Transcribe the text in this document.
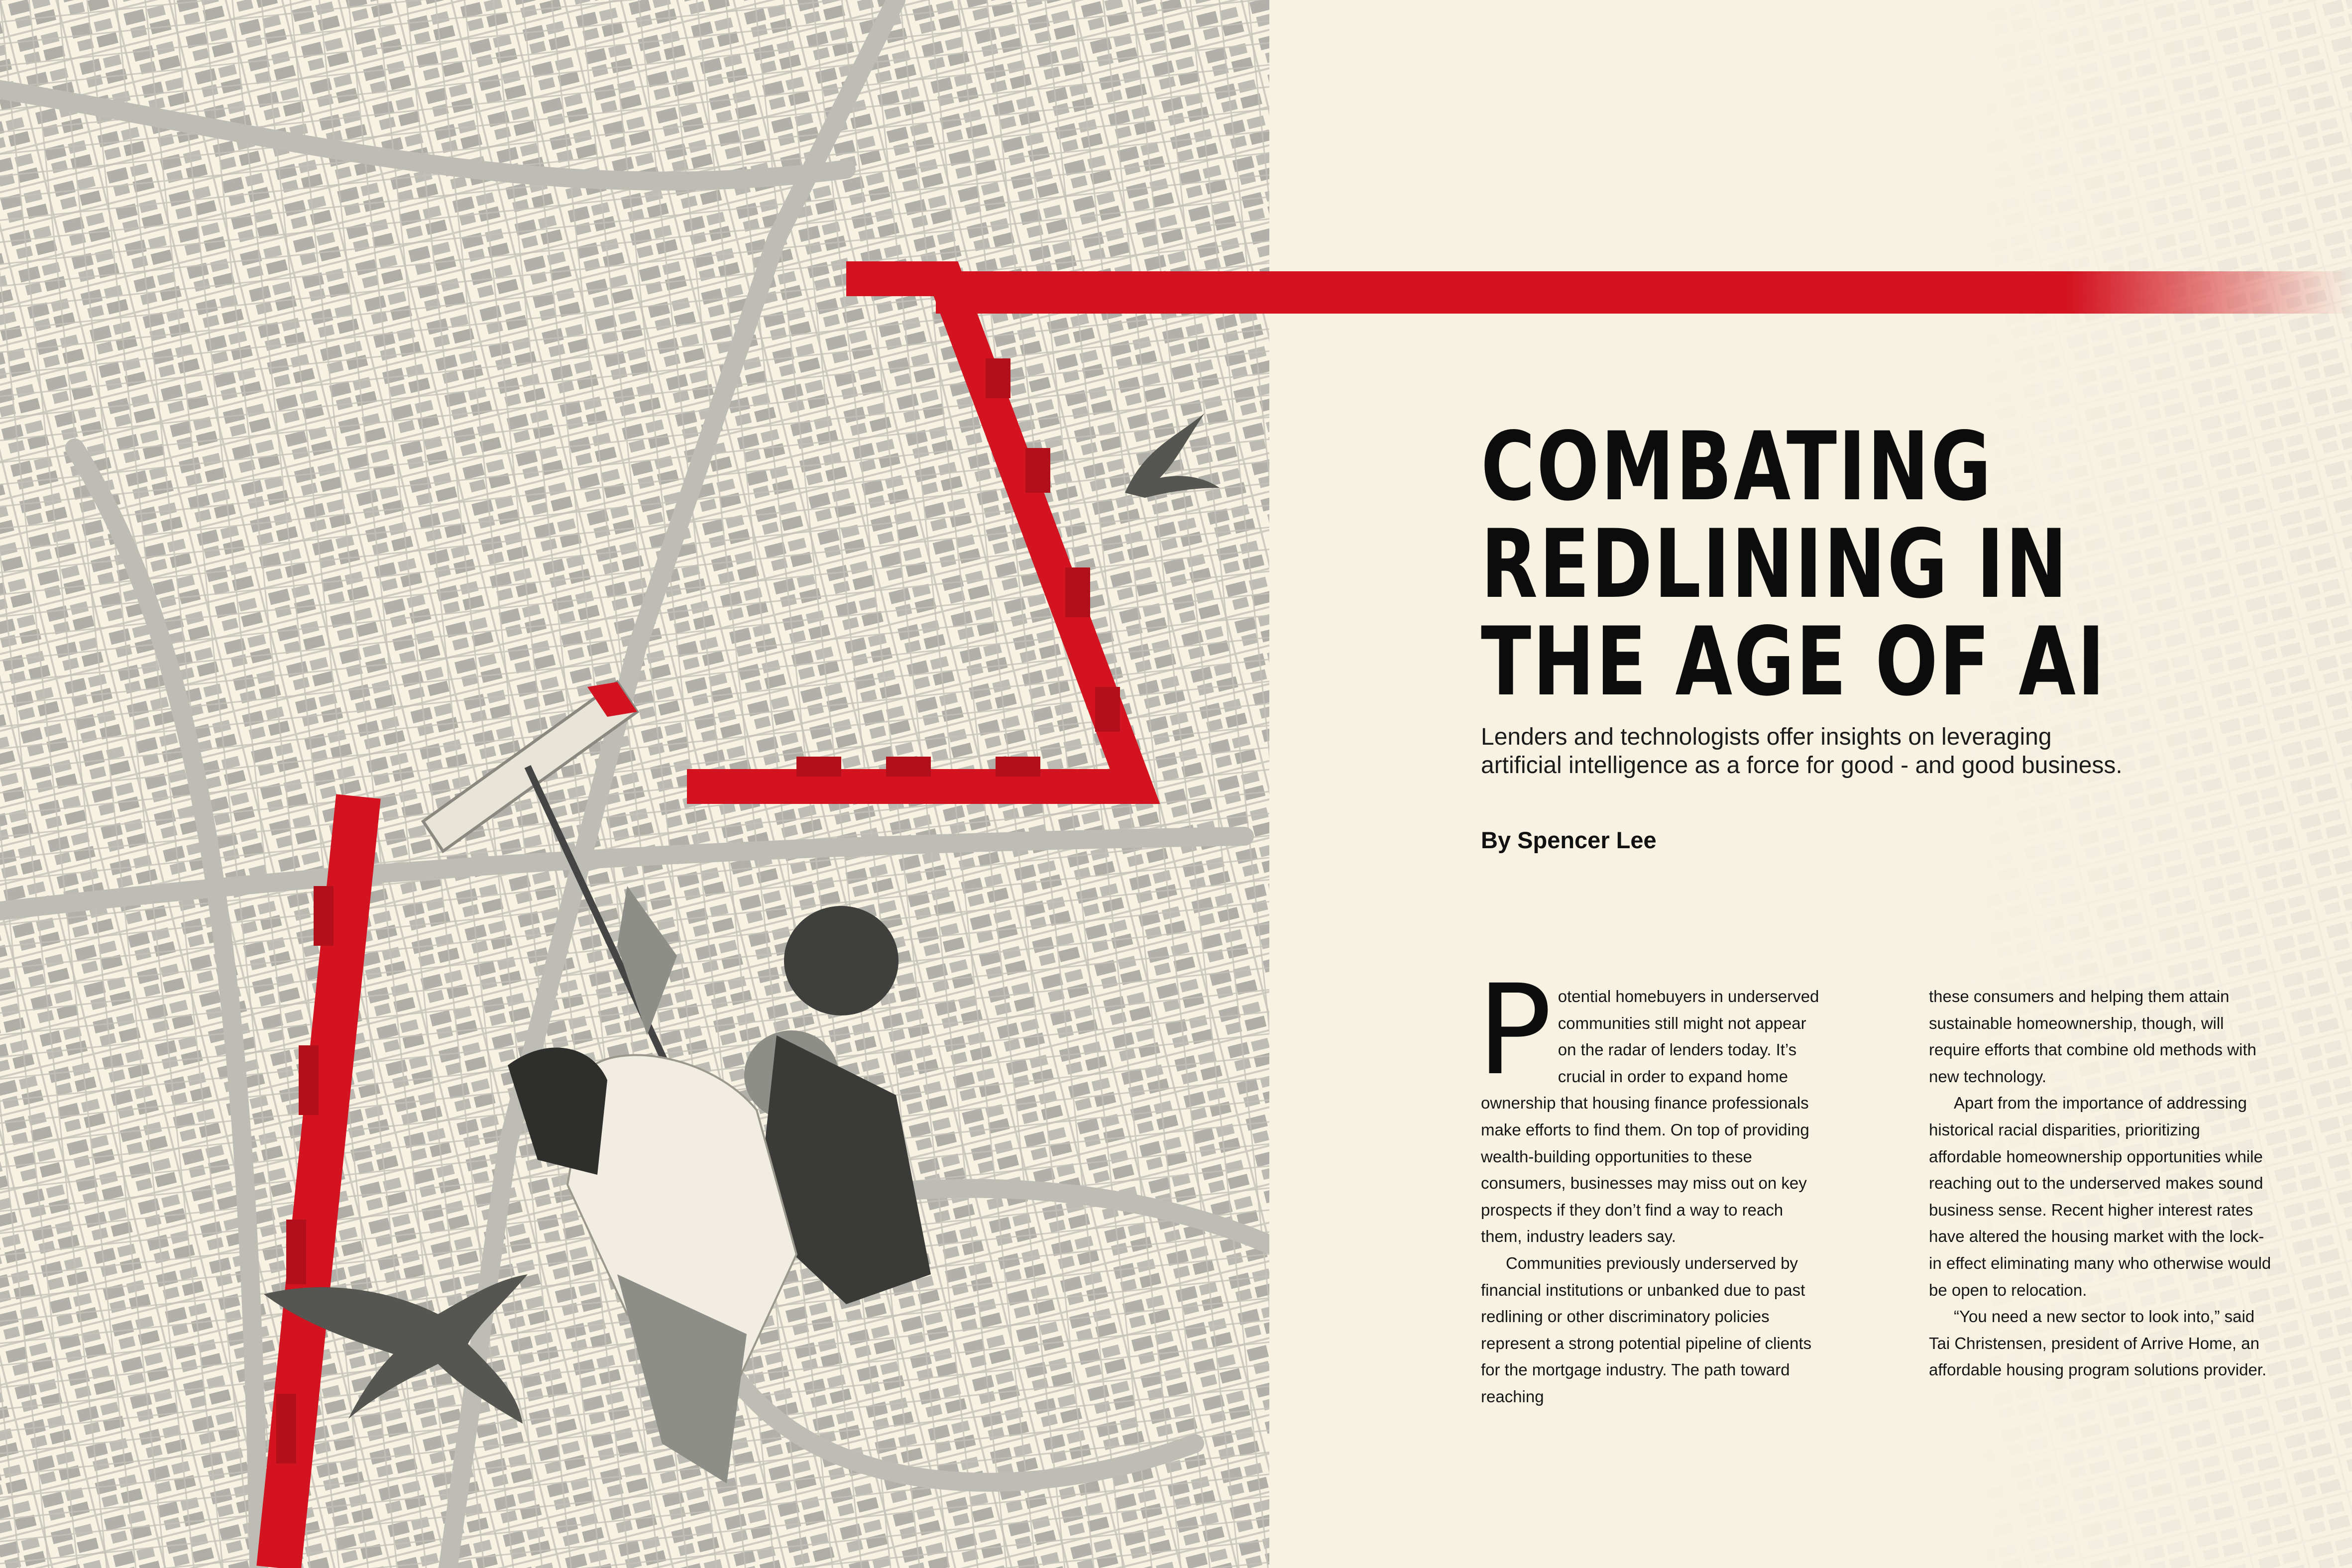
COMBATING
REDLINING IN
THE AGE OF AI

Lenders and technologists offer insights on leveraging artificial intelligence as a force for good - and good business.

By Spencer Lee

Potential homebuyers in underserved communities still might not appear on the radar of lenders today. It’s crucial in order to expand home ownership that housing finance professionals make efforts to find them. On top of providing wealth-building opportunities to these consumers, businesses may miss out on key prospects if they don’t find a way to reach them, industry leaders say.

Communities previously underserved by financial institutions or unbanked due to past redlining or other discriminatory policies represent a strong potential pipeline of clients for the mortgage industry. The path toward reaching

these consumers and helping them attain sustainable homeownership, though, will require efforts that combine old methods with new technology.

Apart from the importance of addressing historical racial disparities, prioritizing affordable homeownership opportunities while reaching out to the underserved makes sound business sense. Recent higher interest rates have altered the housing market with the lock-in effect eliminating many who otherwise would be open to relocation.

“You need a new sector to look into,” said Tai Christensen, president of Arrive Home, an affordable housing program solutions provider.
